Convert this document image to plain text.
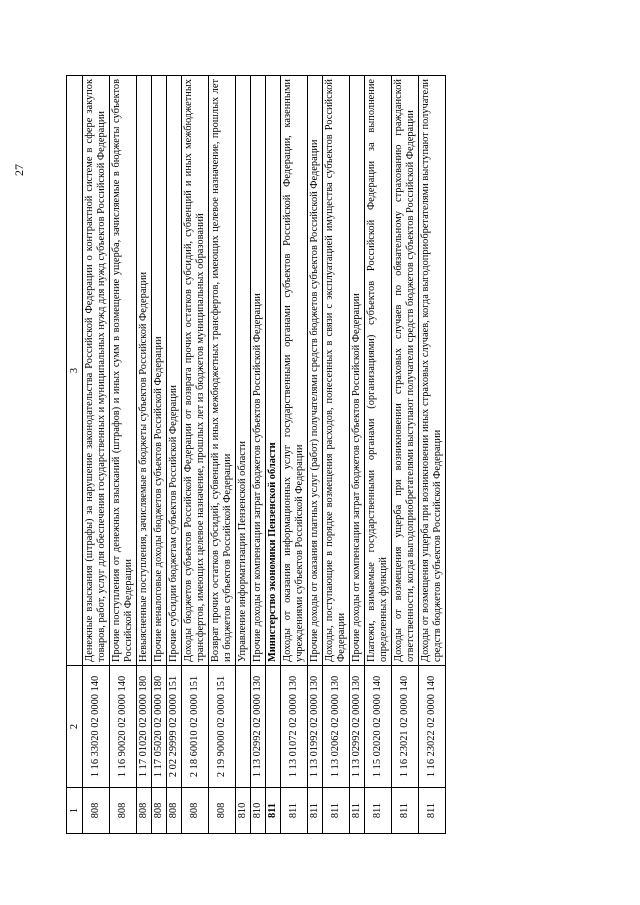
27
1	2	3
808	1 16 33020 02 0000 140	Денежные взыскания (штрафы) за нарушение законодательства Российской Федерации о контрактной системе в сфере закупок товаров, работ, услуг для обеспечения государственных и муниципальных нужд для нужд субъектов Российской Федерации
808	1 16 90020 02 0000 140	Прочие поступления от денежных взысканий (штрафов) и иных сумм в возмещение ущерба, зачисляемые в бюджеты субъектов Российской Федерации
808	1 17 01020 02 0000 180	Невыясненные поступления, зачисляемые в бюджеты субъектов Российской Федерации
808	1 17 05020 02 0000 180	Прочие неналоговые доходы бюджетов субъектов Российской Федерации
808	2 02 29999 02 0000 151	Прочие субсидии бюджетам субъектов Российской Федерации
808	2 18 60010 02 0000 151	Доходы бюджетов субъектов Российской Федерации от возврата прочих остатков субсидий, субвенций и иных межбюджетных трансфертов, имеющих целевое назначение, прошлых лет из бюджетов муниципальных образований
808	2 19 90000 02 0000 151	Возврат прочих остатков субсидий, субвенций и иных межбюджетных трансфертов, имеющих целевое назначение, прошлых лет из бюджетов субъектов Российской Федерации
810		Управление информатизации Пензенской области
810	1 13 02992 02 0000 130	Прочие доходы от компенсации затрат бюджетов субъектов Российской Федерации
811		Министерство экономики Пензенской области
811	1 13 01072 02 0000 130	Доходы от оказания информационных услуг государственными органами субъектов Российской Федерации, казенными учреждениями субъектов Российской Федерации
811	1 13 01992 02 0000 130	Прочие доходы от оказания платных услуг (работ) получателями средств бюджетов субъектов Российской Федерации
811	1 13 02062 02 0000 130	Доходы, поступающие в порядке возмещения расходов, понесенных в связи с эксплуатацией имущества субъектов Российской Федерации
811	1 13 02992 02 0000 130	Прочие доходы от компенсации затрат бюджетов субъектов Российской Федерации
811	1 15 02020 02 0000 140	Платежи, взимаемые государственными органами (организациями) субъектов Российской Федерации за выполнение определенных функций
811	1 16 23021 02 0000 140	Доходы от возмещения ущерба при возникновении страховых случаев по обязательному страхованию гражданской ответственности, когда выгодоприобретателями выступают получатели средств бюджетов субъектов Российской Федерации
811	1 16 23022 02 0000 140	Доходы от возмещения ущерба при возникновении иных страховых случаев, когда выгодоприобретателями выступают получатели средств бюджетов субъектов Российской Федерации
